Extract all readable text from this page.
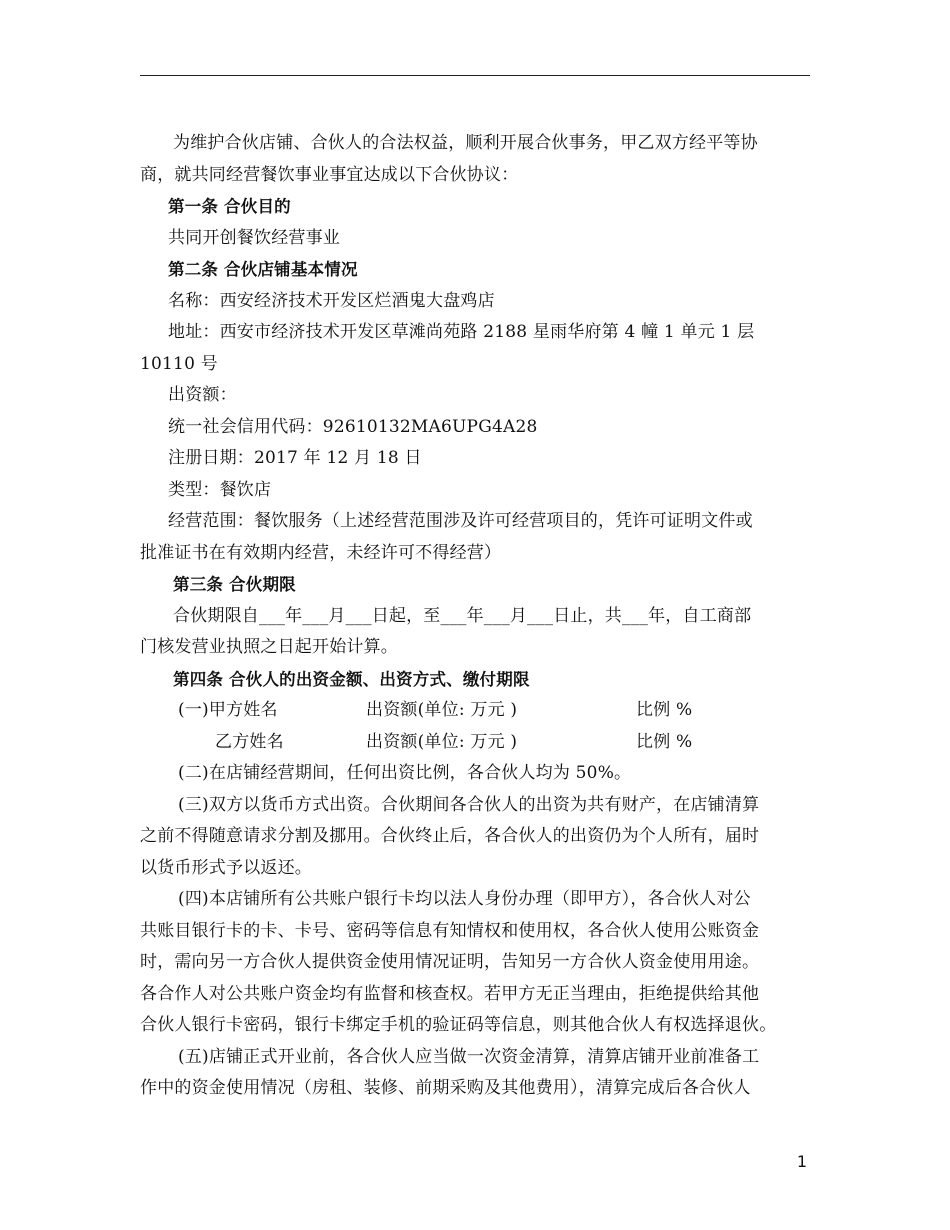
为维护合伙店铺、合伙人的合法权益，顺利开展合伙事务，甲乙双方经平等协
商，就共同经营餐饮事业事宜达成以下合伙协议：
第一条 合伙目的
共同开创餐饮经营事业
第二条 合伙店铺基本情况
名称：西安经济技术开发区烂酒鬼大盘鸡店
地址：西安市经济技术开发区草滩尚苑路 2188 星雨华府第 4 幢 1 单元 1 层
10110 号
出资额：
统一社会信用代码：92610132MA6UPG4A28
注册日期：2017 年 12 月 18 日
类型：餐饮店
经营范围：餐饮服务（上述经营范围涉及许可经营项目的，凭许可证明文件或
批准证书在有效期内经营，未经许可不得经营）
第三条 合伙期限
合伙期限自___年___月___日起，至___年___月___日止，共___年，自工商部
门核发营业执照之日起开始计算。
第四条 合伙人的出资金额、出资方式、缴付期限
(一)甲方姓名	出资额(单位: 万元 )	比例 %
乙方姓名	出资额(单位: 万元 )	比例 %
(二)在店铺经营期间，任何出资比例，各合伙人均为 50%。
(三)双方以货币方式出资。合伙期间各合伙人的出资为共有财产，在店铺清算
之前不得随意请求分割及挪用。合伙终止后，各合伙人的出资仍为个人所有，届时
以货币形式予以返还。
(四)本店铺所有公共账户银行卡均以法人身份办理（即甲方），各合伙人对公
共账目银行卡的卡、卡号、密码等信息有知情权和使用权，各合伙人使用公账资金
时，需向另一方合伙人提供资金使用情况证明，告知另一方合伙人资金使用用途。
各合作人对公共账户资金均有监督和核查权。若甲方无正当理由，拒绝提供给其他
合伙人银行卡密码，银行卡绑定手机的验证码等信息，则其他合伙人有权选择退伙。
(五)店铺正式开业前，各合伙人应当做一次资金清算，清算店铺开业前准备工
作中的资金使用情况（房租、装修、前期采购及其他费用），清算完成后各合伙人
1
